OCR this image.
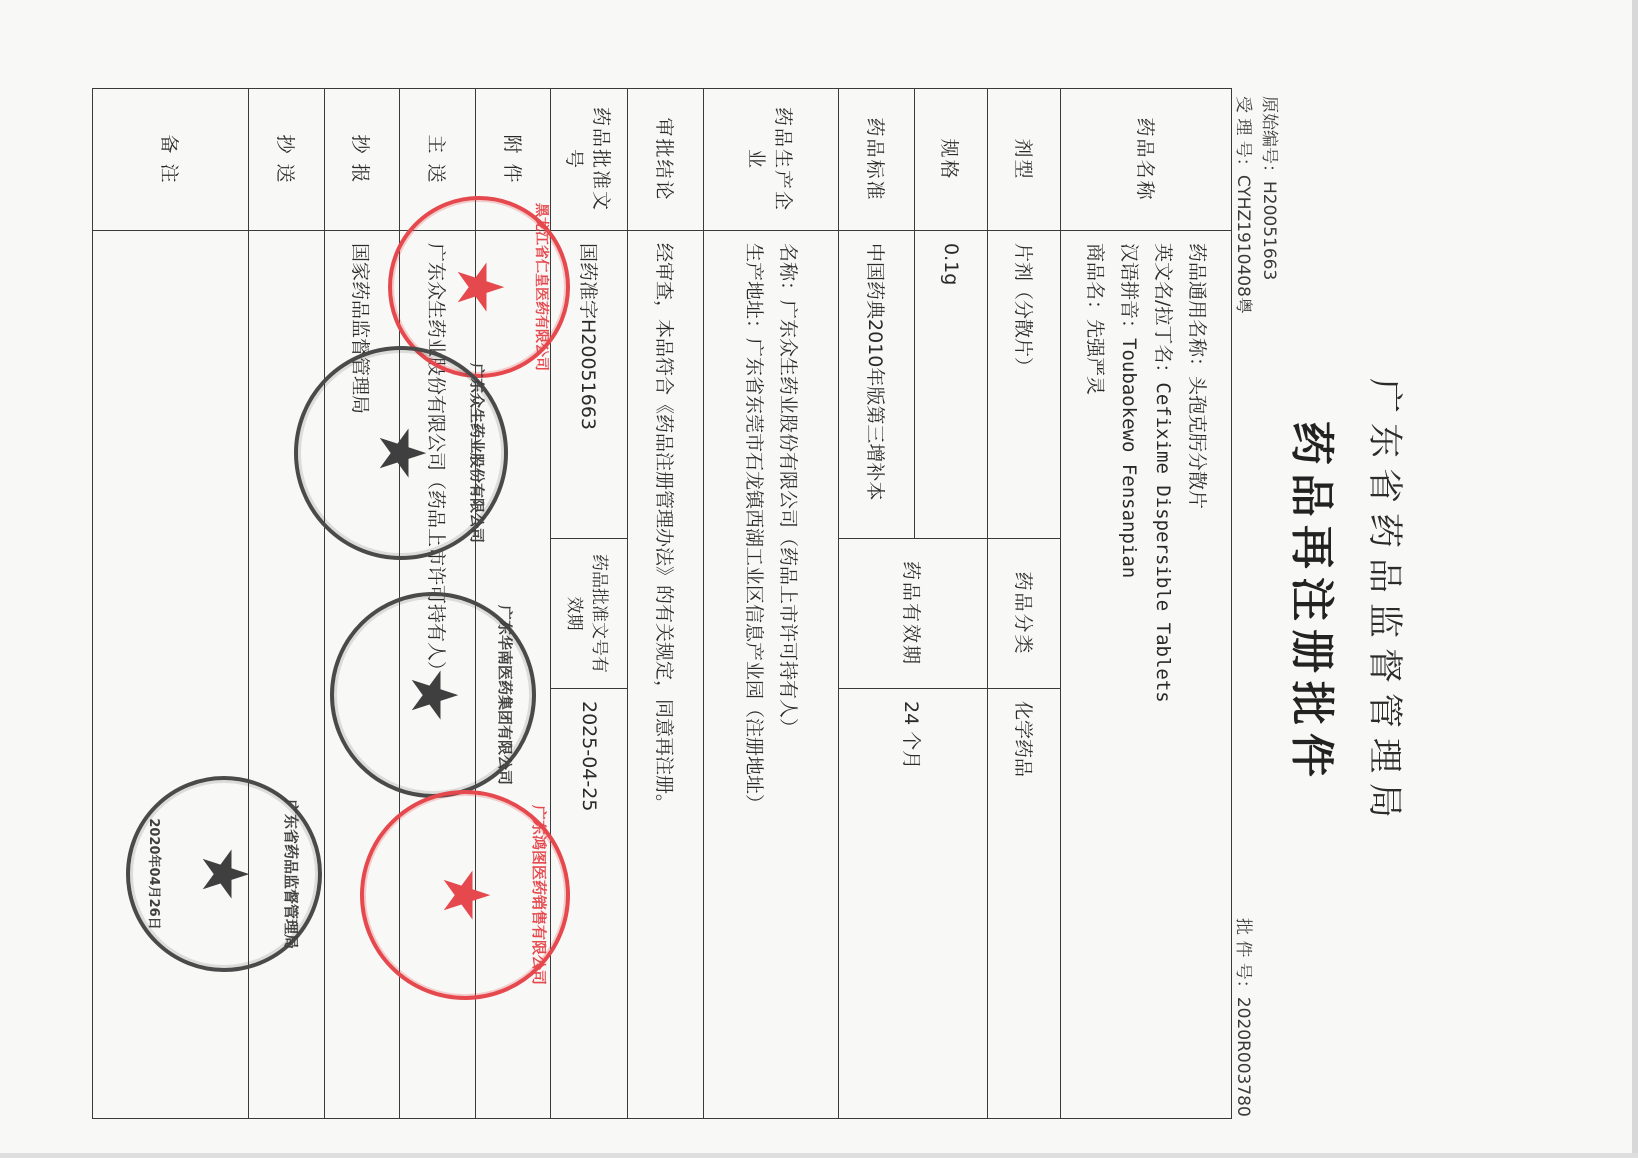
广东省药品监督管理局
药品再注册批件
原始编号：H20051663
受 理 号：CYHZ1910408粤
批 件 号：2020R003780
药品名称	药品通用名称：头孢克肟分散片
英文名/拉丁名：Cefixime Dispersible Tablets
汉语拼音：Toubaokewo Fensanpian
商品名：先强严灵		

剂型	片剂（分散片）	药品分类	化学药品
规格	0.1g	药品有效期	24 个月
药品标准	中国药典2010年版第三增补本		
药品生产企业	名称：广东众生药业股份有限公司（药品上市许可持有人）
生产地址：广东省东莞市石龙镇西湖工业区信息产业园（注册地址）		

审批结论	经审查，本品符合《药品注册管理办法》的有关规定，同意再注册。		
药品批准文号	国药准字H20051663	药品批准文号有效期	2025-04-25
附 件			
主 送	广东众生药业股份有限公司（药品上市许可持有人）		
抄 报	国家药品监督管理局		
抄 送			
备 注			
★ 黑龙江省仁皇医药有限公司
★ 广东众生药业股份有限公司
★ 广东华南医药集团有限公司
★ 广东鸿图医药销售有限公司
★ 广东省药品监督管理局
2020年04月26日
